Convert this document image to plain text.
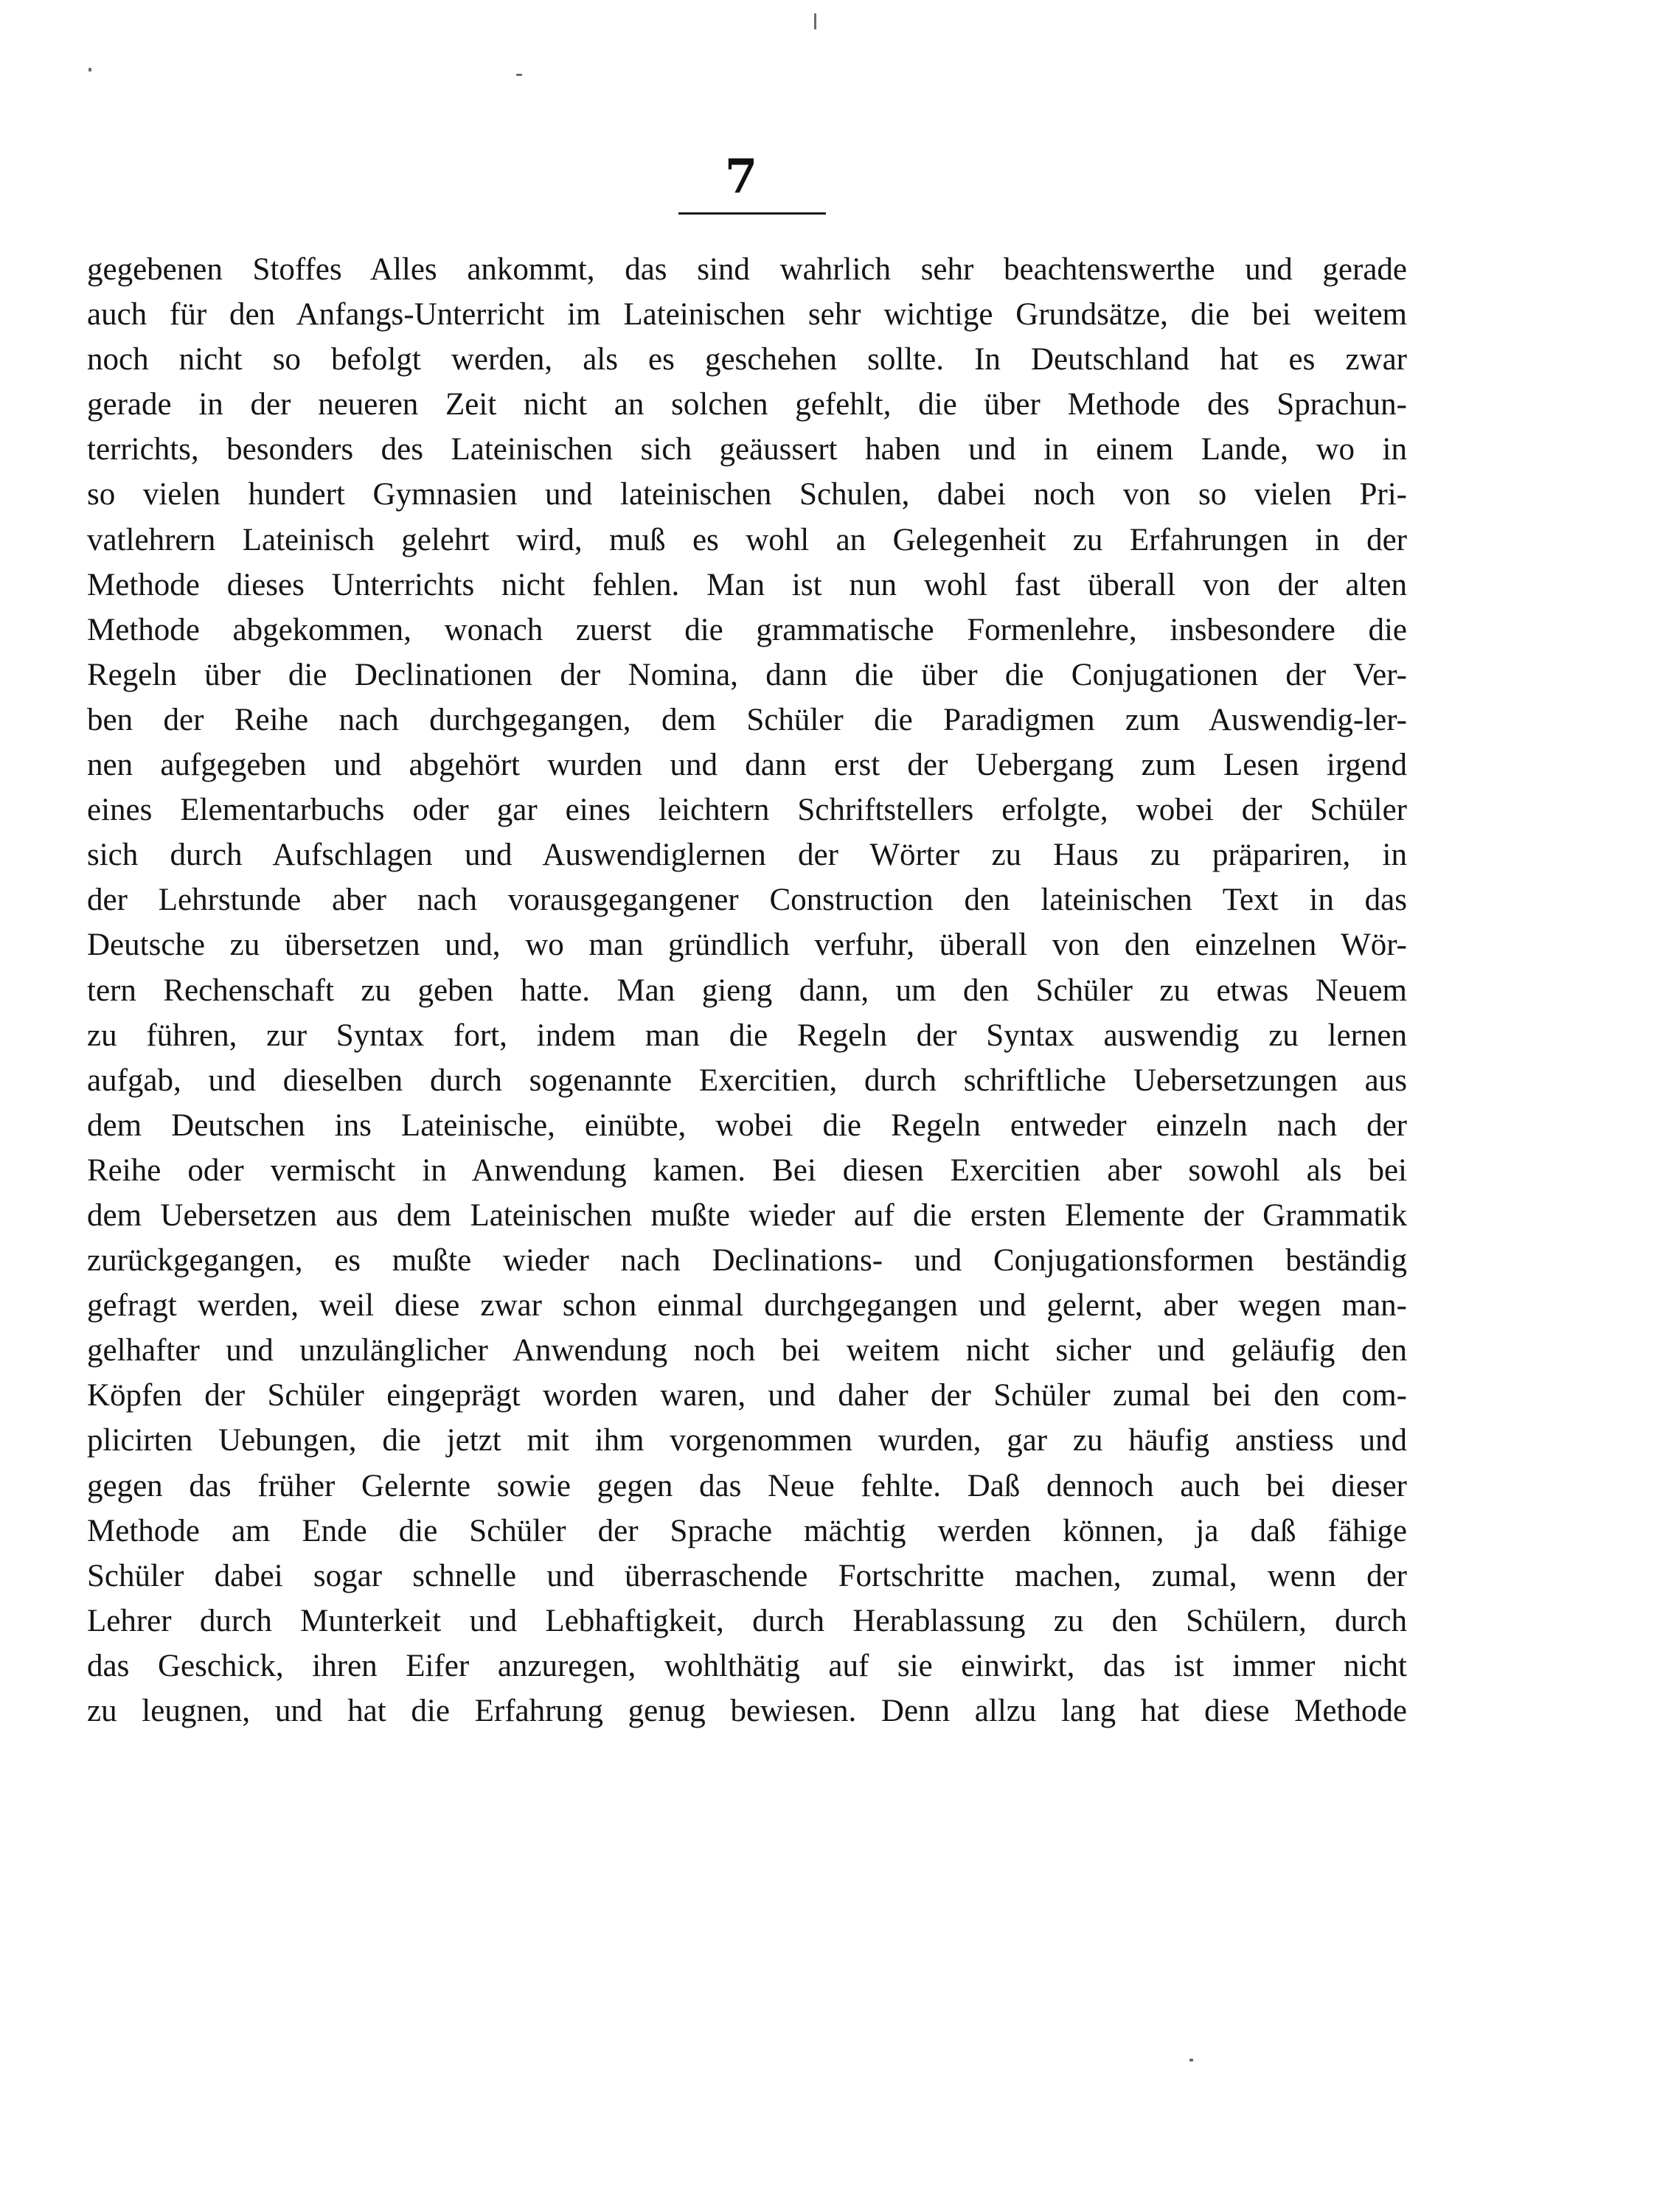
7
gegebenen Stoffes Alles ankommt, das sind wahrlich sehr beachtenswerthe und gerade
auch für den Anfangs-Unterricht im Lateinischen sehr wichtige Grundsätze, die bei weitem
noch nicht so befolgt werden, als es geschehen sollte. In Deutschland hat es zwar
gerade in der neueren Zeit nicht an solchen gefehlt, die über Methode des Sprachun-
terrichts, besonders des Lateinischen sich geäussert haben und in einem Lande, wo in
so vielen hundert Gymnasien und lateinischen Schulen, dabei noch von so vielen Pri-
vatlehrern Lateinisch gelehrt wird, muß es wohl an Gelegenheit zu Erfahrungen in der
Methode dieses Unterrichts nicht fehlen. Man ist nun wohl fast überall von der alten
Methode abgekommen, wonach zuerst die grammatische Formenlehre, insbesondere die
Regeln über die Declinationen der Nomina, dann die über die Conjugationen der Ver-
ben der Reihe nach durchgegangen, dem Schüler die Paradigmen zum Auswendig-ler-
nen aufgegeben und abgehört wurden und dann erst der Uebergang zum Lesen irgend
eines Elementarbuchs oder gar eines leichtern Schriftstellers erfolgte, wobei der Schüler
sich durch Aufschlagen und Auswendiglernen der Wörter zu Haus zu präpariren, in
der Lehrstunde aber nach vorausgegangener Construction den lateinischen Text in das
Deutsche zu übersetzen und, wo man gründlich verfuhr, überall von den einzelnen Wör-
tern Rechenschaft zu geben hatte. Man gieng dann, um den Schüler zu etwas Neuem
zu führen, zur Syntax fort, indem man die Regeln der Syntax auswendig zu lernen
aufgab, und dieselben durch sogenannte Exercitien, durch schriftliche Uebersetzungen aus
dem Deutschen ins Lateinische, einübte, wobei die Regeln entweder einzeln nach der
Reihe oder vermischt in Anwendung kamen. Bei diesen Exercitien aber sowohl als bei
dem Uebersetzen aus dem Lateinischen mußte wieder auf die ersten Elemente der Grammatik
zurückgegangen, es mußte wieder nach Declinations- und Conjugationsformen beständig
gefragt werden, weil diese zwar schon einmal durchgegangen und gelernt, aber wegen man-
gelhafter und unzulänglicher Anwendung noch bei weitem nicht sicher und geläufig den
Köpfen der Schüler eingeprägt worden waren, und daher der Schüler zumal bei den com-
plicirten Uebungen, die jetzt mit ihm vorgenommen wurden, gar zu häufig anstiess und
gegen das früher Gelernte sowie gegen das Neue fehlte. Daß dennoch auch bei dieser
Methode am Ende die Schüler der Sprache mächtig werden können, ja daß fähige
Schüler dabei sogar schnelle und überraschende Fortschritte machen, zumal, wenn der
Lehrer durch Munterkeit und Lebhaftigkeit, durch Herablassung zu den Schülern, durch
das Geschick, ihren Eifer anzuregen, wohlthätig auf sie einwirkt, das ist immer nicht
zu leugnen, und hat die Erfahrung genug bewiesen. Denn allzu lang hat diese Methode
